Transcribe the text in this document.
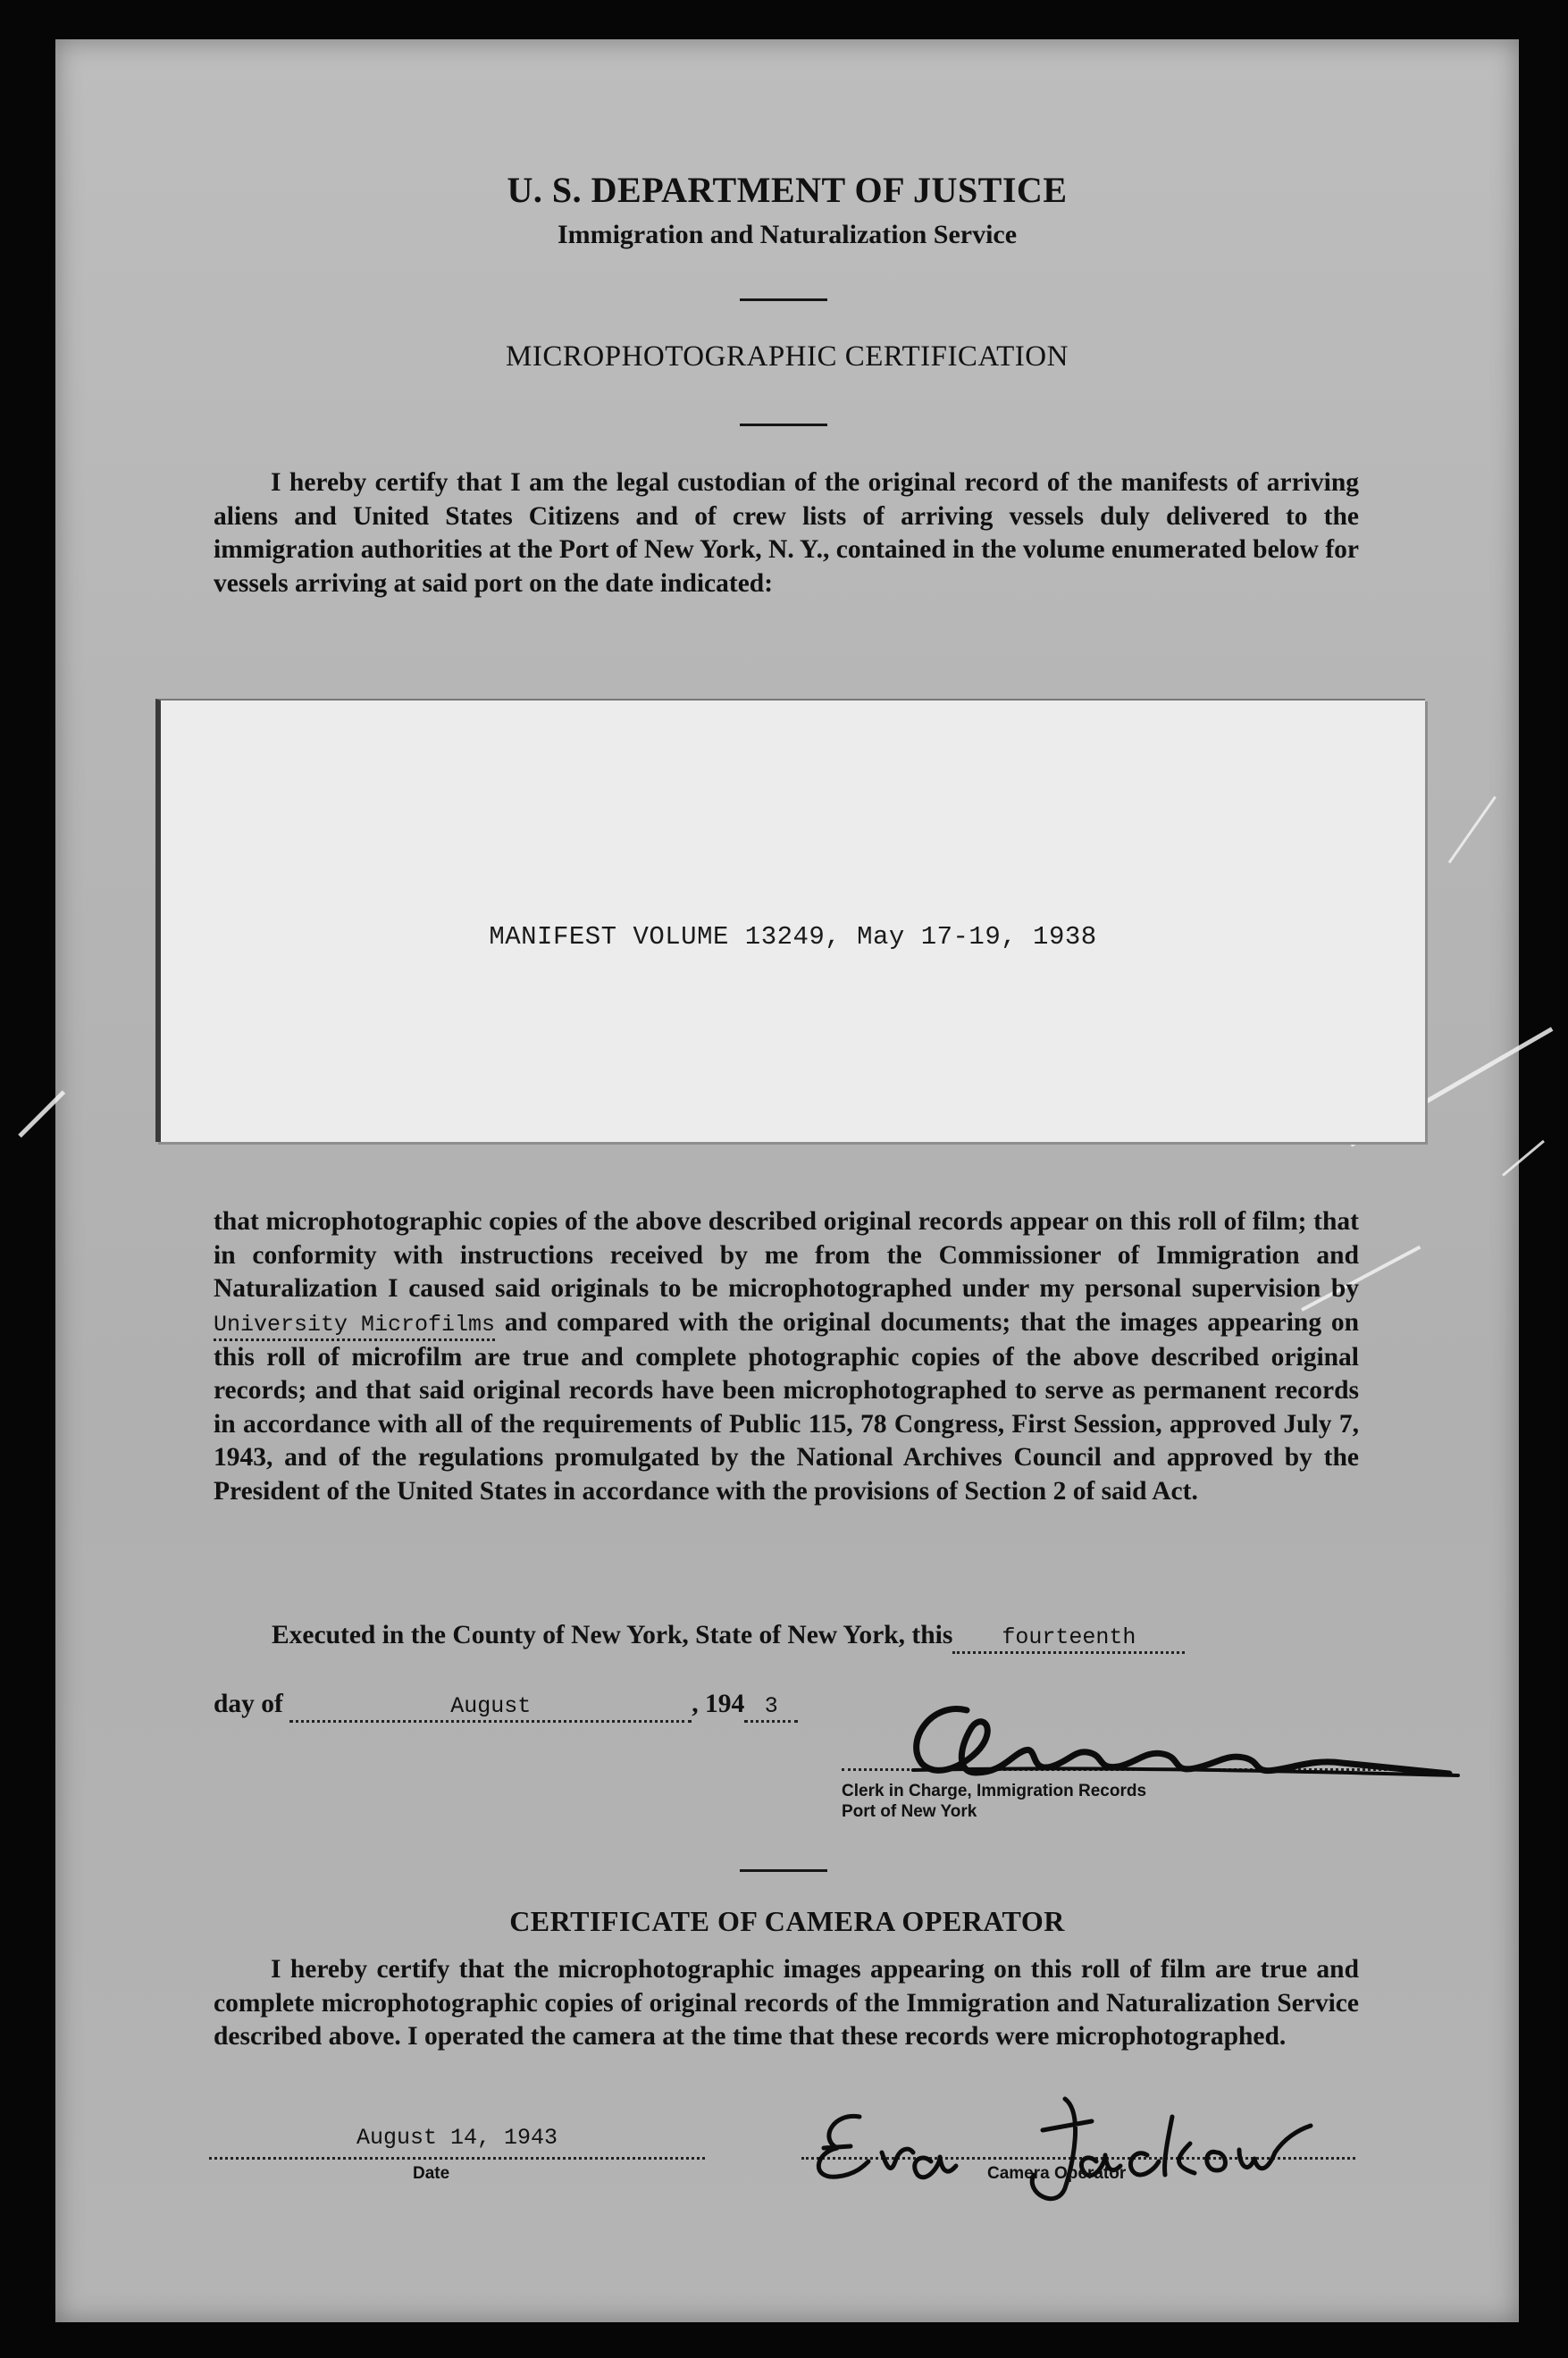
U. S. DEPARTMENT OF JUSTICE
Immigration and Naturalization Service
MICROPHOTOGRAPHIC CERTIFICATION

I hereby certify that I am the legal custodian of the original record of the manifests of arriving aliens and United States Citizens and of crew lists of arriving vessels duly delivered to the immigration authorities at the Port of New York, N. Y., contained in the volume enumerated below for vessels arriving at said port on the date indicated:

MANIFEST VOLUME 13249, May 17-19, 1938

that microphotographic copies of the above described original records appear on this roll of film; that in conformity with instructions received by me from the Commissioner of Immigration and Naturalization I caused said originals to be microphotographed under my personal supervision byUniversity Microfilms and compared with the original documents; that the images appearing on this roll of microfilm are true and complete photographic copies of the above described original records; and that said original records have been microphotographed to serve as permanent records in accordance with all of the requirements of Public 115, 78 Congress, First Session, approved July 7, 1943, and of the regulations promulgated by the National Archives Council and approved by the President of the United States in accordance with the provisions of Section 2 of said Act.

Executed in the County of New York, State of New York, this fourteenth
day of	August	, 194 3
Clerk in Charge, Immigration Records
Port of New York
CERTIFICATE OF CAMERA OPERATOR

I hereby certify that the microphotographic images appearing on this roll of film are true and complete microphotographic copies of original records of the Immigration and Naturalization Service described above. I operated the camera at the time that these records were microphotographed.

August 14, 1943
Date	Camera Operator
